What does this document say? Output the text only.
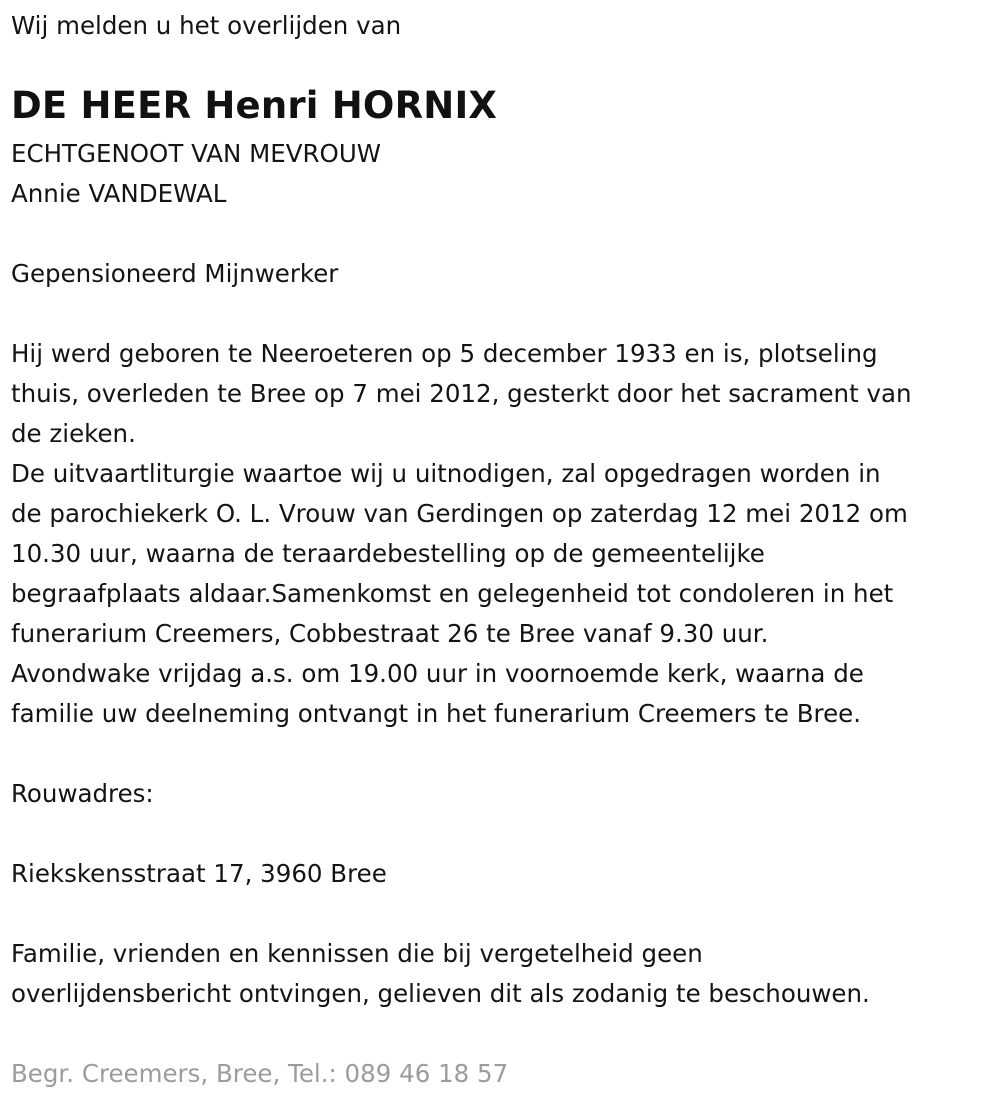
Wij melden u het overlijden van

DE HEER Henri HORNIX

ECHTGENOOT VAN MEVROUW

Annie VANDEWAL

Gepensioneerd Mijnwerker

Hij werd geboren te Neeroeteren op 5 december 1933 en is, plotseling

thuis, overleden te Bree op 7 mei 2012, gesterkt door het sacrament van

de zieken.

De uitvaartliturgie waartoe wij u uitnodigen, zal opgedragen worden in

de parochiekerk O. L. Vrouw van Gerdingen op zaterdag 12 mei 2012 om

10.30 uur, waarna de teraardebestelling op de gemeentelijke

begraafplaats aldaar.Samenkomst en gelegenheid tot condoleren in het

funerarium Creemers, Cobbestraat 26 te Bree vanaf 9.30 uur.

Avondwake vrijdag a.s. om 19.00 uur in voornoemde kerk, waarna de

familie uw deelneming ontvangt in het funerarium Creemers te Bree.

Rouwadres:

Riekskensstraat 17, 3960 Bree

Familie, vrienden en kennissen die bij vergetelheid geen

overlijdensbericht ontvingen, gelieven dit als zodanig te beschouwen.

Begr. Creemers, Bree, Tel.: 089 46 18 57
